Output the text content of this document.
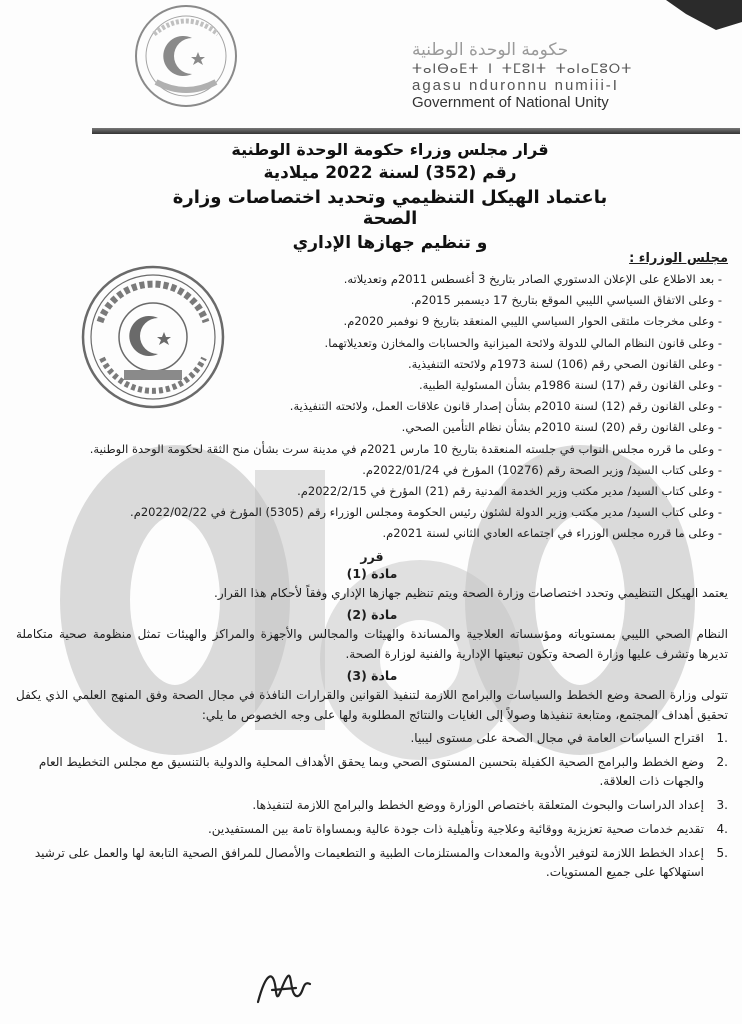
حكومة الوحدة الوطنية

ⵜⴰⵏⴱⴰⴹⵜ ⵏ ⵜⵎⵓⵏⵜ ⵜⴰⵏⴰⵎⵓⵔⵜ

agasu nduronnu numiii-I

Government of National Unity

قرار مجلس وزراء حكومة الوحدة الوطنية
رقم (352) لسنة 2022 ميلادية
باعتماد الهيكل التنظيمي وتحديد اختصاصات وزارة الصحة
و تنظيم جهازها الإداري
مجلس الوزراء :
- بعد الاطلاع على الإعلان الدستوري الصادر بتاريخ 3 أغسطس 2011م وتعديلاته.
- وعلى الاتفاق السياسي الليبي الموقع بتاريخ 17 ديسمبر 2015م.
- وعلى مخرجات ملتقى الحوار السياسي الليبي المنعقد بتاريخ 9 نوفمبر 2020م.
- وعلى قانون النظام المالي للدولة ولائحة الميزانية والحسابات والمخازن وتعديلاتهما.
- وعلى القانون الصحي رقم (106) لسنة 1973م ولائحته التنفيذية.
- وعلى القانون رقم (17) لسنة 1986م بشأن المسئولية الطبية.
- وعلى القانون رقم (12) لسنة 2010م بشأن إصدار قانون علاقات العمل، ولائحته التنفيذية.
- وعلى القانون رقم (20) لسنة 2010م بشأن نظام التأمين الصحي.
- وعلى ما قرره مجلس النواب في جلسته المنعقدة بتاريخ 10 مارس 2021م في مدينة سرت بشأن منح الثقة لحكومة الوحدة الوطنية.
- وعلى كتاب السيد/ وزير الصحة رقم (10276) المؤرخ في 2022/01/24م.
- وعلى كتاب السيد/ مدير مكتب وزير الخدمة المدنية رقم (21) المؤرخ في 2022/2/15م.
- وعلى كتاب السيد/ مدير مكتب وزير الدولة لشئون رئيس الحكومة ومجلس الوزراء رقم (5305) المؤرخ في 2022/02/22م.
- وعلى ما قرره مجلس الوزراء في اجتماعه العادي الثاني لسنة 2021م.
قرر
مادة (1)

يعتمد الهيكل التنظيمي وتحدد اختصاصات وزارة الصحة ويتم تنظيم جهازها الإداري وفقاً لأحكام هذا القرار.

مادة (2)

النظام الصحي الليبي بمستوياته ومؤسساته العلاجية والمساندة والهيئات والمجالس والأجهزة والمراكز والهيئات تمثل منظومة صحية متكاملة تديرها وتشرف عليها وزارة الصحة وتكون تبعيتها الإدارية والفنية لوزارة الصحة.

مادة (3)

تتولى وزارة الصحة وضع الخطط والسياسات والبرامج اللازمة لتنفيذ القوانين والقرارات النافذة في مجال الصحة وفق المنهج العلمي الذي يكفل تحقيق أهداف المجتمع، ومتابعة تنفيذها وصولاً إلى الغايات والنتائج المطلوبة ولها على وجه الخصوص ما يلي:

.1
اقتراح السياسات العامة في مجال الصحة على مستوى ليبيا.
.2
وضع الخطط والبرامج الصحية الكفيلة بتحسين المستوى الصحي وبما يحقق الأهداف المحلية والدولية بالتنسيق مع مجلس التخطيط العام والجهات ذات العلاقة.
.3
إعداد الدراسات والبحوث المتعلقة باختصاص الوزارة ووضع الخطط والبرامج اللازمة لتنفيذها.
.4
تقديم خدمات صحية تعزيزية ووقائية وعلاجية وتأهيلية ذات جودة عالية وبمساواة تامة بين المستفيدين.
.5
إعداد الخطط اللازمة لتوفير الأدوية والمعدات والمستلزمات الطبية و التطعيمات والأمصال للمرافق الصحية التابعة لها والعمل على ترشيد استهلاكها على جميع المستويات.
